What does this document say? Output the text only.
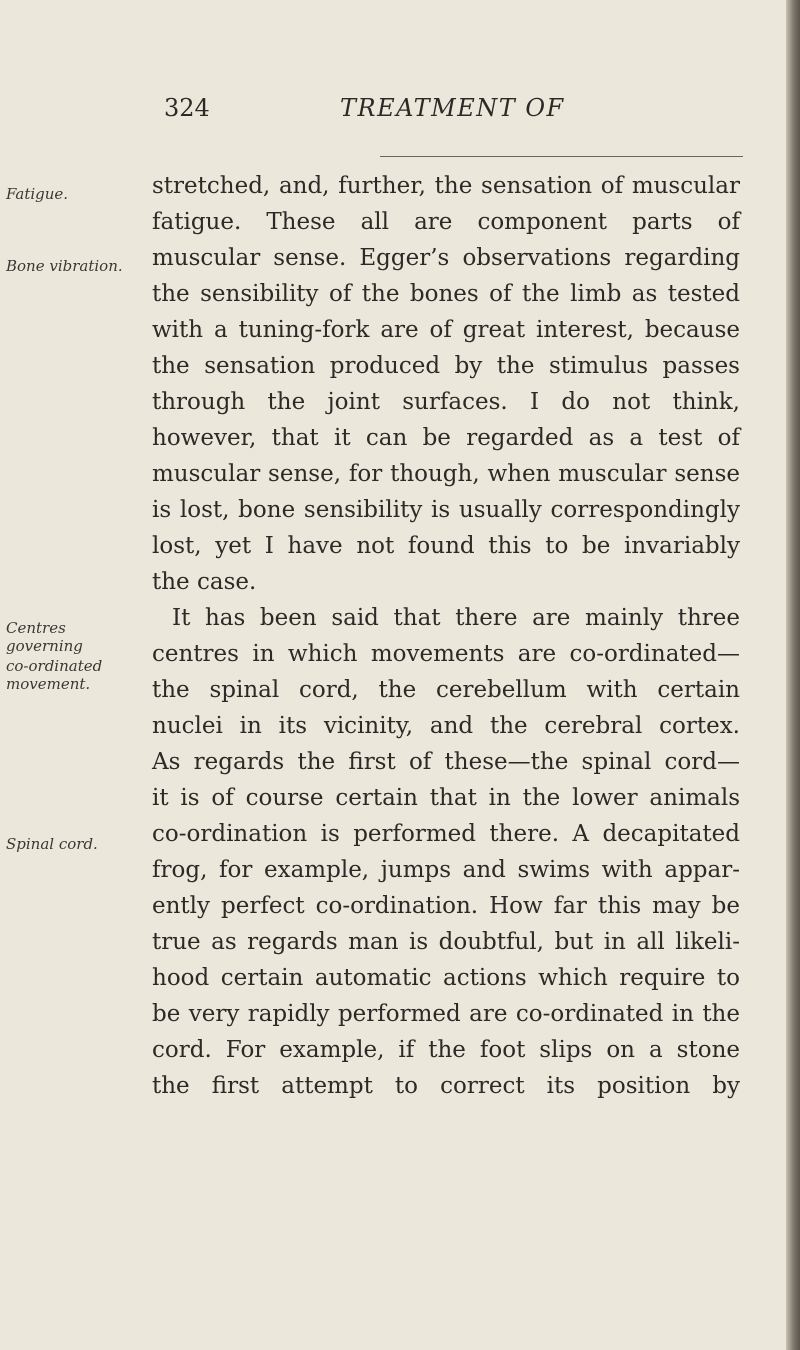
324	TREATMENT OF
Fatigue.
Bone vibration.
Centres
governing
co-ordinated
movement.
Spinal cord.
stretched, and, further, the sensation of muscular
fatigue. These all are component parts of
muscular sense. Egger’s observations regarding
the sensibility of the bones of the limb as tested
with a tuning-fork are of great interest, because
the sensation produced by the stimulus passes
through the joint surfaces. I do not think,
however, that it can be regarded as a test of
muscular sense, for though, when muscular sense
is lost, bone sensibility is usually correspondingly
lost, yet I have not found this to be invariably
the case.
It has been said that there are mainly three
centres in which movements are co-ordinated—
the spinal cord, the cerebellum with certain
nuclei in its vicinity, and the cerebral cortex.
As regards the first of these—the spinal cord—
it is of course certain that in the lower animals
co-ordination is performed there. A decapitated
frog, for example, jumps and swims with appar-
ently perfect co-ordination. How far this may be
true as regards man is doubtful, but in all likeli-
hood certain automatic actions which require to
be very rapidly performed are co-ordinated in the
cord. For example, if the foot slips on a stone
the first attempt to correct its position by
